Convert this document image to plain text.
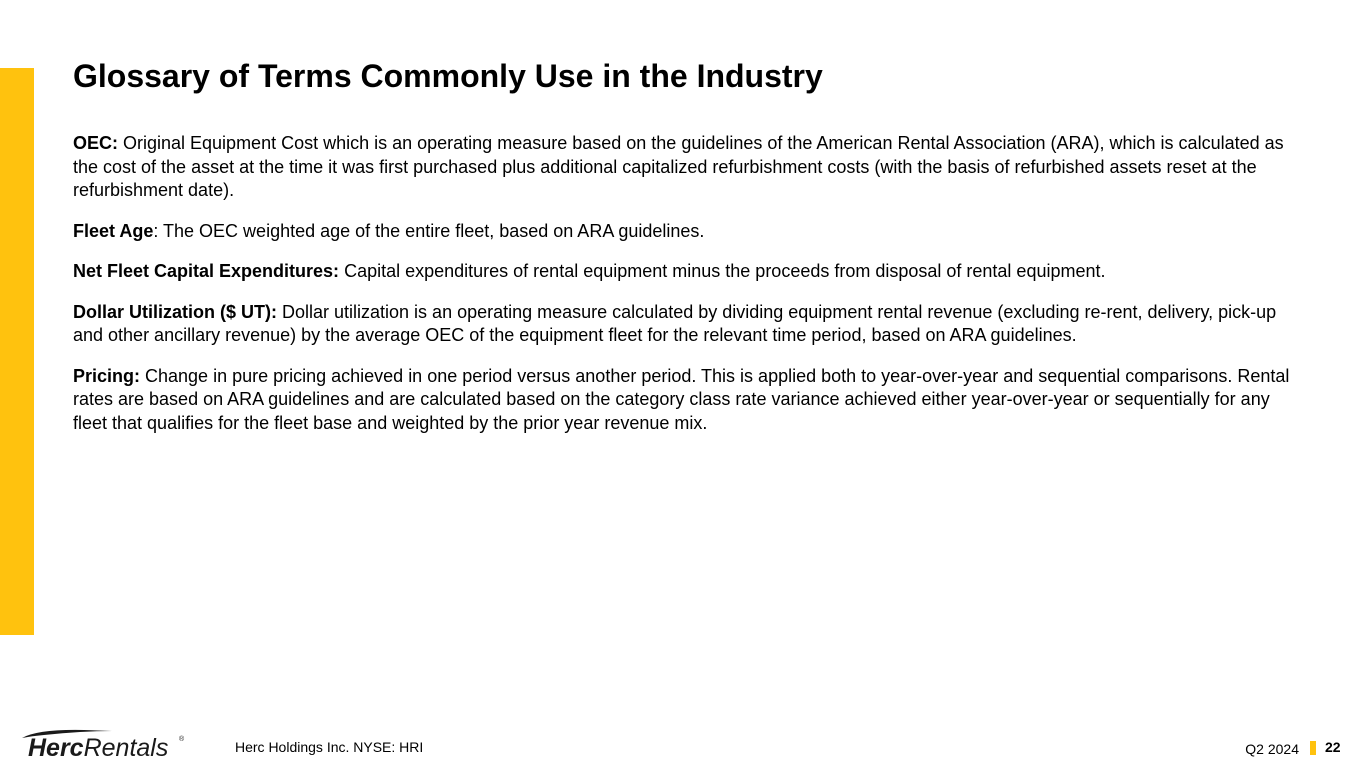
Glossary of Terms Commonly Use in the Industry

OEC: Original Equipment Cost which is an operating measure based on the guidelines of the American Rental Association (ARA), which is calculated as the cost of the asset at the time it was first purchased plus additional capitalized refurbishment costs (with the basis of refurbished assets reset at the refurbishment date).

Fleet Age: The OEC weighted age of the entire fleet, based on ARA guidelines.

Net Fleet Capital Expenditures: Capital expenditures of rental equipment minus the proceeds from disposal of rental equipment.

Dollar Utilization ($ UT): Dollar utilization is an operating measure calculated by dividing equipment rental revenue (excluding re-rent, delivery, pick-up and other ancillary revenue) by the average OEC of the equipment fleet for the relevant time period, based on ARA guidelines.

Pricing: Change in pure pricing achieved in one period versus another period. This is applied both to year-over-year and sequential comparisons. Rental rates are based on ARA guidelines and are calculated based on the category class rate variance achieved either year-over-year or sequentially for any fleet that qualifies for the fleet base and weighted by the prior year revenue mix.

HercRentals ®	Herc Holdings Inc. NYSE: HRI	Q2 2024 22
